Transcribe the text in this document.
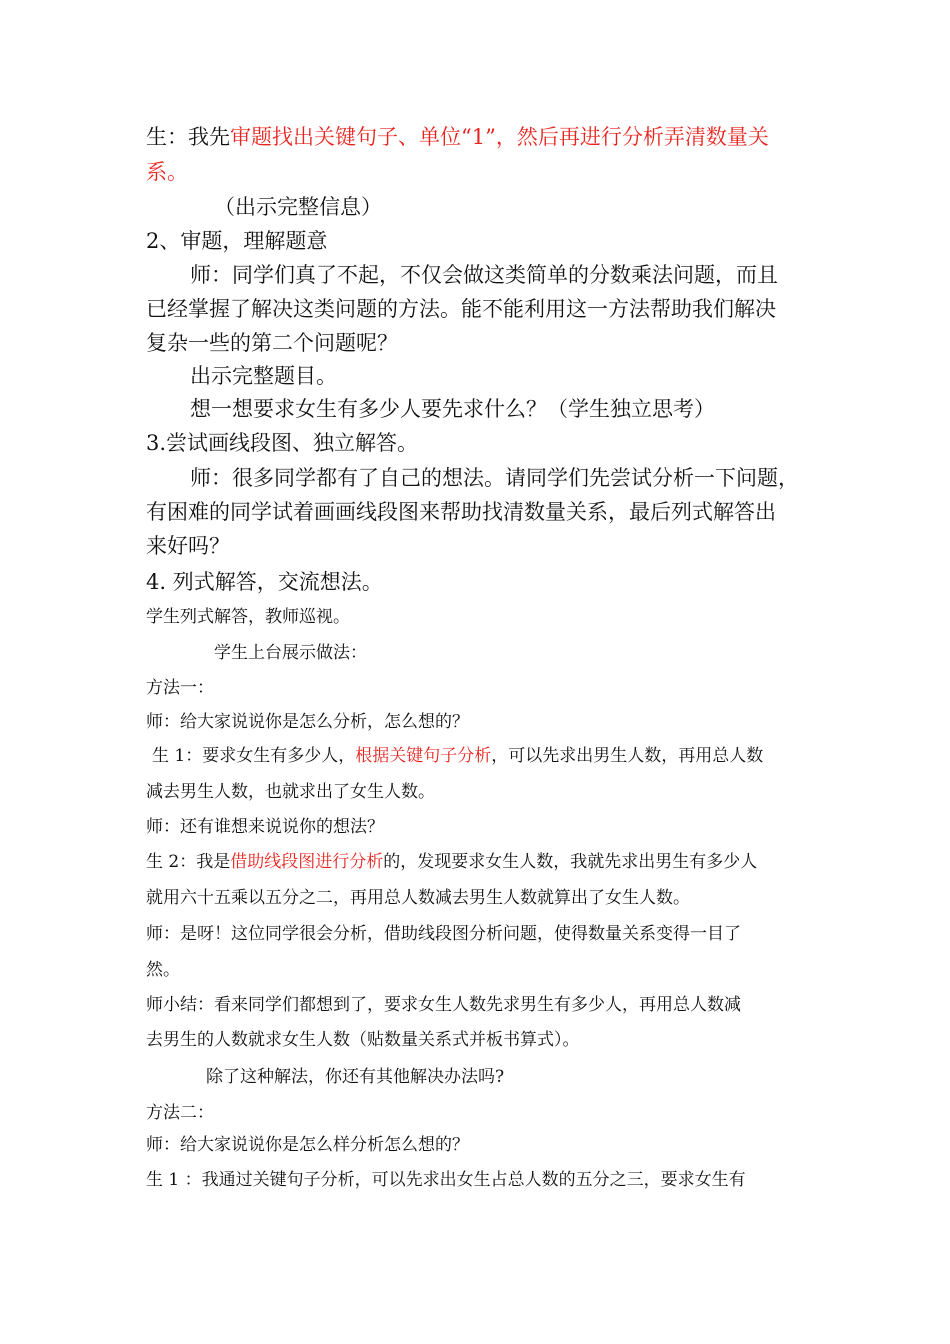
生：我先审题找出关键句子、单位“1”，然后再进行分析弄清数量关
系。
（出示完整信息）
2、审题，理解题意
师：同学们真了不起，不仅会做这类简单的分数乘法问题，而且
已经掌握了解决这类问题的方法。能不能利用这一方法帮助我们解决
复杂一些的第二个问题呢？
出示完整题目。
想一想要求女生有多少人要先求什么？（学生独立思考）
3.尝试画线段图、独立解答。
师：很多同学都有了自己的想法。请同学们先尝试分析一下问题，
有困难的同学试着画画线段图来帮助找清数量关系，最后列式解答出
来好吗？
4. 列式解答，交流想法。
学生列式解答，教师巡视。
学生上台展示做法：
方法一：
师：给大家说说你是怎么分析，怎么想的？
生 1：要求女生有多少人，根据关键句子分析，可以先求出男生人数，再用总人数
减去男生人数，也就求出了女生人数。
师：还有谁想来说说你的想法？
生 2：我是借助线段图进行分析的，发现要求女生人数，我就先求出男生有多少人
就用六十五乘以五分之二，再用总人数减去男生人数就算出了女生人数。
师：是呀！这位同学很会分析，借助线段图分析问题，使得数量关系变得一目了
然。
师小结：看来同学们都想到了，要求女生人数先求男生有多少人，再用总人数减
去男生的人数就求女生人数（贴数量关系式并板书算式）。
除了这种解法，你还有其他解决办法吗?
方法二：
师：给大家说说你是怎么样分析怎么想的？
生 1 ：我通过关键句子分析，可以先求出女生占总人数的五分之三，要求女生有
